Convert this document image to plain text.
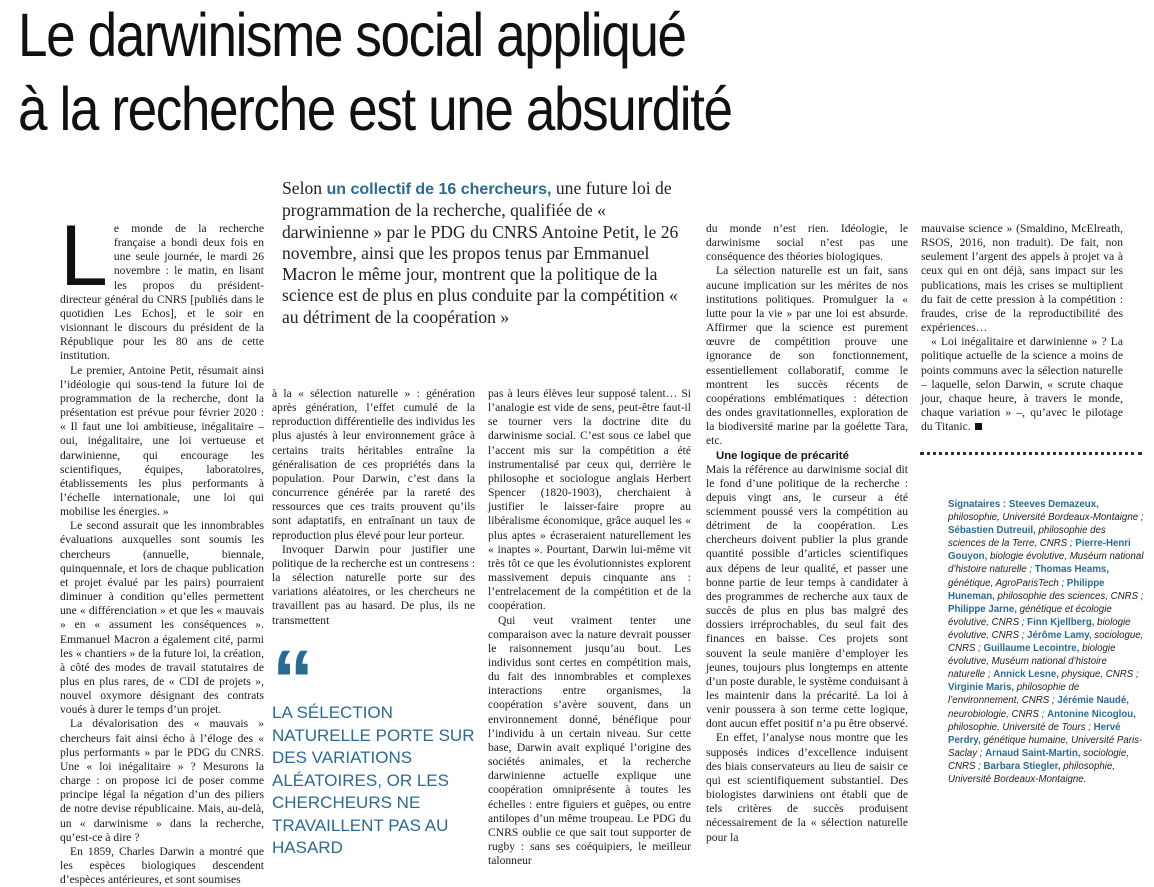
Le darwinisme social appliqué
à la recherche est une absurdité
Selon un collectif de 16 chercheurs, une future loi de programmation de la recherche, qualifiée de « darwinienne » par le PDG du CNRS Antoine Petit, le 26 novembre, ainsi que les propos tenus par Emmanuel Macron le même jour, montrent que la politique de la science est de plus en plus conduite par la compétition « au détriment de la coopération »

Le monde de la recherche française a bondi deux fois en une seule journée, le mardi 26 novembre : le matin, en lisant les propos du président-directeur général du CNRS [publiés dans le quotidien Les Echos], et le soir en visionnant le discours du président de la République pour les 80 ans de cette institution.

Le premier, Antoine Petit, résumait ainsi l’idéologie qui sous-tend la future loi de programmation de la recherche, dont la présentation est prévue pour février 2020 : « Il faut une loi ambitieuse, inégalitaire – oui, inégalitaire, une loi vertueuse et darwinienne, qui encourage les scientifiques, équipes, laboratoires, établissements les plus performants à l’échelle internationale, une loi qui mobilise les énergies. »

Le second assurait que les innombrables évaluations auxquelles sont soumis les chercheurs (annuelle, biennale, quinquennale, et lors de chaque publication et projet évalué par les pairs) pourraient diminuer à condition qu’elles permettent une « différenciation » et que les « mauvais » en « assument les conséquences ». Emmanuel Macron a également cité, parmi les « chantiers » de la future loi, la création, à côté des modes de travail statutaires de plus en plus rares, de « CDI de projets », nouvel oxymore désignant des contrats voués à durer le temps d’un projet.

La dévalorisation des « mauvais » chercheurs fait ainsi écho à l’éloge des « plus performants » par le PDG du CNRS. Une « loi inégalitaire » ? Mesurons la charge : on propose ici de poser comme principe légal la négation d’un des piliers de notre devise républicaine. Mais, au-delà, un « darwinisme » dans la recherche, qu’est-ce à dire ?

En 1859, Charles Darwin a montré que les espèces biologiques descendent d’espèces antérieures, et sont soumises

à la « sélection naturelle » : génération après génération, l’effet cumulé de la reproduction différentielle des individus les plus ajustés à leur environnement grâce à certains traits héritables entraîne la généralisation de ces propriétés dans la population. Pour Darwin, c’est dans la concurrence générée par la rareté des ressources que ces traits prouvent qu’ils sont adaptatifs, en entraînant un taux de reproduction plus élevé pour leur porteur.

Invoquer Darwin pour justifier une politique de la recherche est un contresens : la sélection naturelle porte sur des variations aléatoires, or les chercheurs ne travaillent pas au hasard. De plus, ils ne transmettent

“
LA SÉLECTION NATURELLE PORTE SUR DES VARIATIONS ALÉATOIRES, OR LES CHERCHEURS NE TRAVAILLENT PAS AU HASARD

pas à leurs élèves leur supposé talent… Si l’analogie est vide de sens, peut-être faut-il se tourner vers la doctrine dite du darwinisme social. C’est sous ce label que l’accent mis sur la compétition a été instrumentalisé par ceux qui, derrière le philosophe et sociologue anglais Herbert Spencer (1820-1903), cherchaient à justifier le laisser-faire propre au libéralisme économique, grâce auquel les « plus aptes » écraseraient naturellement les « inaptes ». Pourtant, Darwin lui-même vit très tôt ce que les évolutionnistes explorent massivement depuis cinquante ans : l’entrelacement de la compétition et de la coopération.

Qui veut vraiment tenter une comparaison avec la nature devrait pousser le raisonnement jusqu’au bout. Les individus sont certes en compétition mais, du fait des innombrables et complexes interactions entre organismes, la coopération s’avère souvent, dans un environnement donné, bénéfique pour l’individu à un certain niveau. Sur cette base, Darwin avait expliqué l’origine des sociétés animales, et la recherche darwinienne actuelle explique une coopération omniprésente à toutes les échelles : entre figuiers et guêpes, ou entre antilopes d’un même troupeau. Le PDG du CNRS oublie ce que sait tout supporter de rugby : sans ses coéquipiers, le meilleur talonneur

du monde n’est rien. Idéologie, le darwinisme social n’est pas une conséquence des théories biologiques.

La sélection naturelle est un fait, sans aucune implication sur les mérites de nos institutions politiques. Promulguer la « lutte pour la vie » par une loi est absurde. Affirmer que la science est purement œuvre de compétition prouve une ignorance de son fonctionnement, essentiellement collaboratif, comme le montrent les succès récents de coopérations emblématiques : détection des ondes gravitationnelles, exploration de la biodiversité marine par la goélette Tara, etc.

Une logique de précarité

Mais la référence au darwinisme social dit le fond d’une politique de la recherche : depuis vingt ans, le curseur a été sciemment poussé vers la compétition au détriment de la coopération. Les chercheurs doivent publier la plus grande quantité possible d’articles scientifiques aux dépens de leur qualité, et passer une bonne partie de leur temps à candidater à des programmes de recherche aux taux de succès de plus en plus bas malgré des dossiers irréprochables, du seul fait des finances en baisse. Ces projets sont souvent la seule manière d’employer les jeunes, toujours plus longtemps en attente d’un poste durable, le système conduisant à les maintenir dans la précarité. La loi à venir poussera à son terme cette logique, dont aucun effet positif n’a pu être observé.

En effet, l’analyse nous montre que les supposés indices d’excellence induisent des biais conservateurs au lieu de saisir ce qui est scientifiquement substantiel. Des biologistes darwiniens ont établi que de tels critères de succès produisent nécessairement de la « sélection naturelle pour la

mauvaise science » (Smaldino, McElreath, RSOS, 2016, non traduit). De fait, non seulement l’argent des appels à projet va à ceux qui en ont déjà, sans impact sur les publications, mais les crises se multiplient du fait de cette pression à la compétition : fraudes, crise de la reproductibilité des expériences…

« Loi inégalitaire et darwinienne » ? La politique actuelle de la science a moins de points communs avec la sélection naturelle – laquelle, selon Darwin, « scrute chaque jour, chaque heure, à travers le monde, chaque variation » –, qu’avec le pilotage du Titanic.

Signataires : Steeves Demazeux, philosophie, Université Bordeaux-Montaigne ; Sébastien Dutreuil, philosophie des sciences de la Terre, CNRS ; Pierre-Henri Gouyon, biologie évolutive, Muséum national d’histoire naturelle ; Thomas Heams, génétique, AgroParisTech ; Philippe Huneman, philosophie des sciences, CNRS ; Philippe Jarne, génétique et écologie évolutive, CNRS ; Finn Kjellberg, biologie évolutive, CNRS ; Jérôme Lamy, sociologue, CNRS ; Guillaume Lecointre, biologie évolutive, Muséum national d’histoire naturelle ; Annick Lesne, physique, CNRS ; Virginie Maris, philosophie de l’environnement, CNRS ; Jérémie Naudé, neurobiologie, CNRS ; Antonine Nicoglou, philosophie, Université de Tours ; Hervé Perdry, génétique humaine, Université Paris-Saclay ; Arnaud Saint-Martin, sociologie, CNRS ; Barbara Stiegler, philosophie, Université Bordeaux-Montaigne.
